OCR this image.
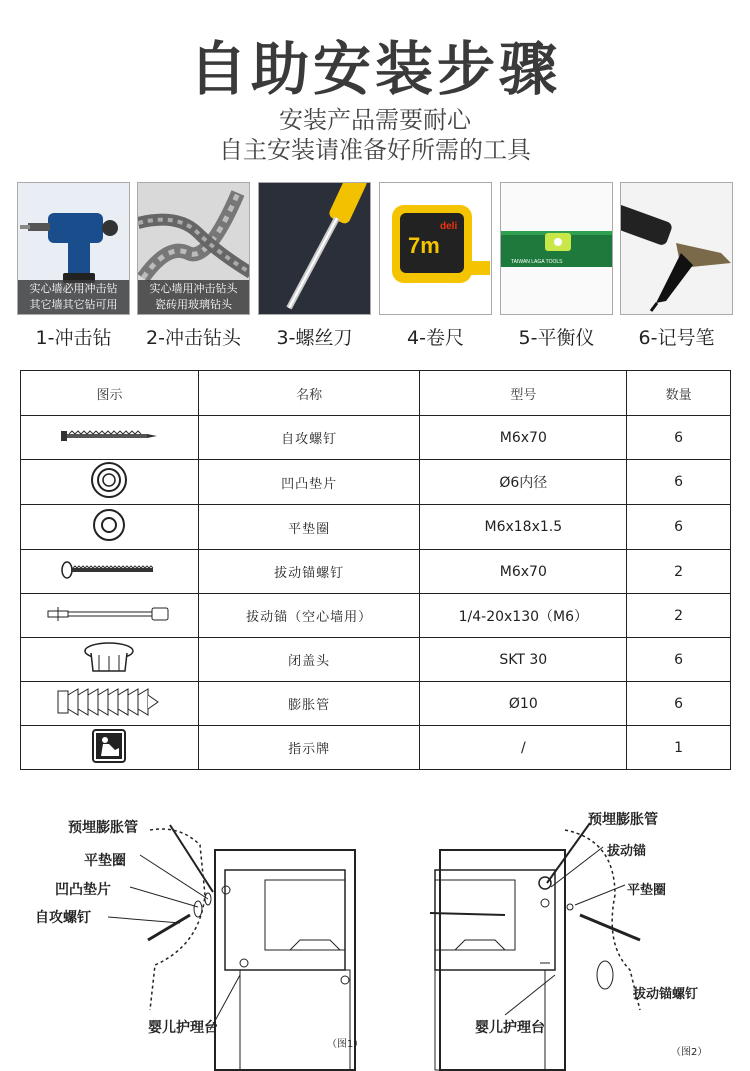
自助安装步骤
安装产品需要耐心
自主安装请准备好所需的工具
实心墙必用冲击钻
其它墙其它钻可用
1-冲击钻
实心墙用冲击钻头
瓷砖用玻璃钻头
2-冲击钻头	3-螺丝刀
7m
deli
4-卷尺
TAIWAN LAGA TOOLS
5-平衡仪	6-记号笔
图示	名称	型号	数量
	自攻螺钉	M6x70	6
	凹凸垫片	Ø6内径	6
	平垫圈	M6x18x1.5	6
	拔动锚螺钉	M6x70	2
	拔动锚（空心墙用）	1/4-20x130（M6）	2
	闭盖头	SKT 30	6
	膨胀管	Ø10	6
	指示牌	/	1
预埋膨胀管
平垫圈
凹凸垫片
自攻螺钉
婴儿护理台
（图1）
预埋膨胀管
拔动锚
平垫圈
拔动锚螺钉
婴儿护理台
（图2）
